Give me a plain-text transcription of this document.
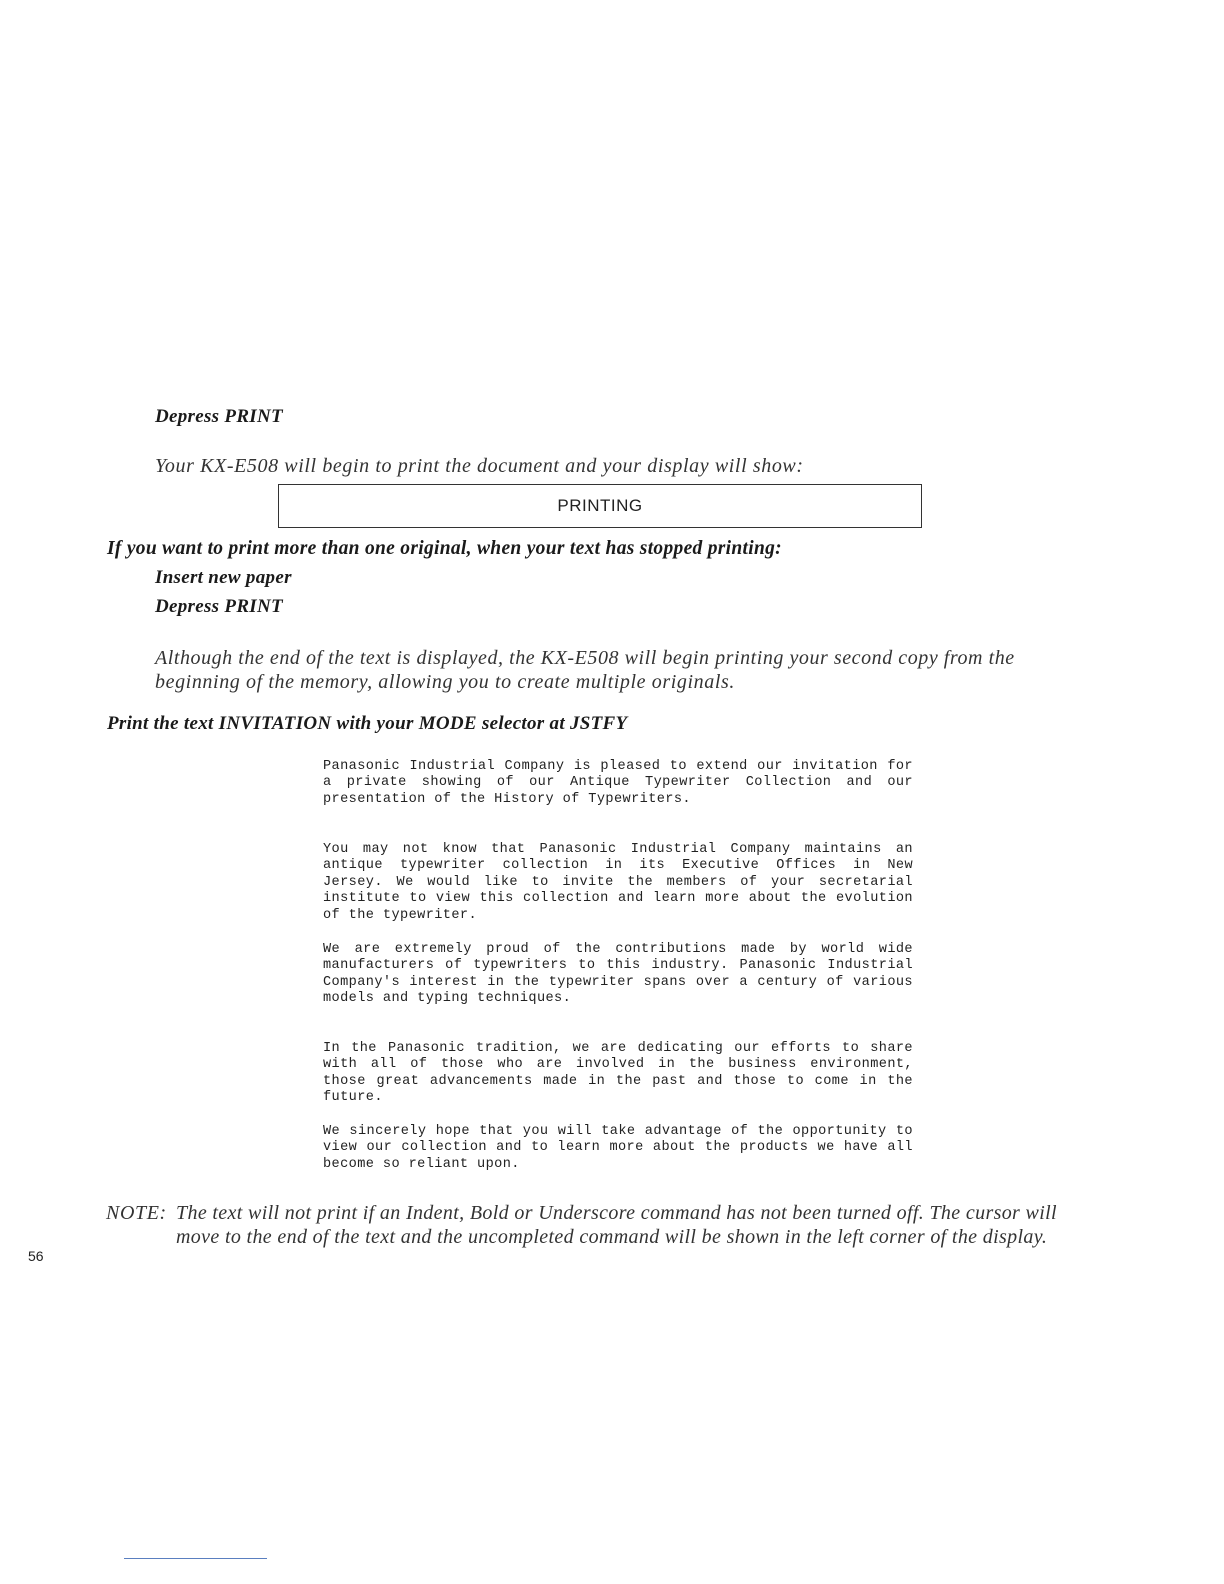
Depress PRINT
Your KX-E508 will begin to print the document and your display will show:
PRINTING
If you want to print more than one original, when your text has stopped printing:
Insert new paper
Depress PRINT
Although the end of the text is displayed, the KX-E508 will begin printing your second copy from the
beginning of the memory, allowing you to create multiple originals.
Print the text INVITATION with your MODE selector at JSTFY

Panasonic Industrial Company is pleased to extend our invitation for a private showing of our Antique Typewriter Collection and our presentation of the History of Typewriters.

You may not know that Panasonic Industrial Company maintains an antique typewriter collection in its Executive Offices in New Jersey. We would like to invite the members of your secretarial institute to view this collection and learn more about the evolution of the typewriter.

We are extremely proud of the contributions made by world wide manufacturers of typewriters to this industry. Panasonic Industrial Company's interest in the typewriter spans over a century of various models and typing techniques.

In the Panasonic tradition, we are dedicating our efforts to share with all of those who are involved in the business environment, those great advancements made in the past and those to come in the future.

We sincerely hope that you will take advantage of the opportunity to view our collection and to learn more about the products we have all become so reliant upon.

NOTE: The text will not print if an Indent, Bold or Underscore command has not been turned off. The cursor will
move to the end of the text and the uncompleted command will be shown in the left corner of the display.
56
